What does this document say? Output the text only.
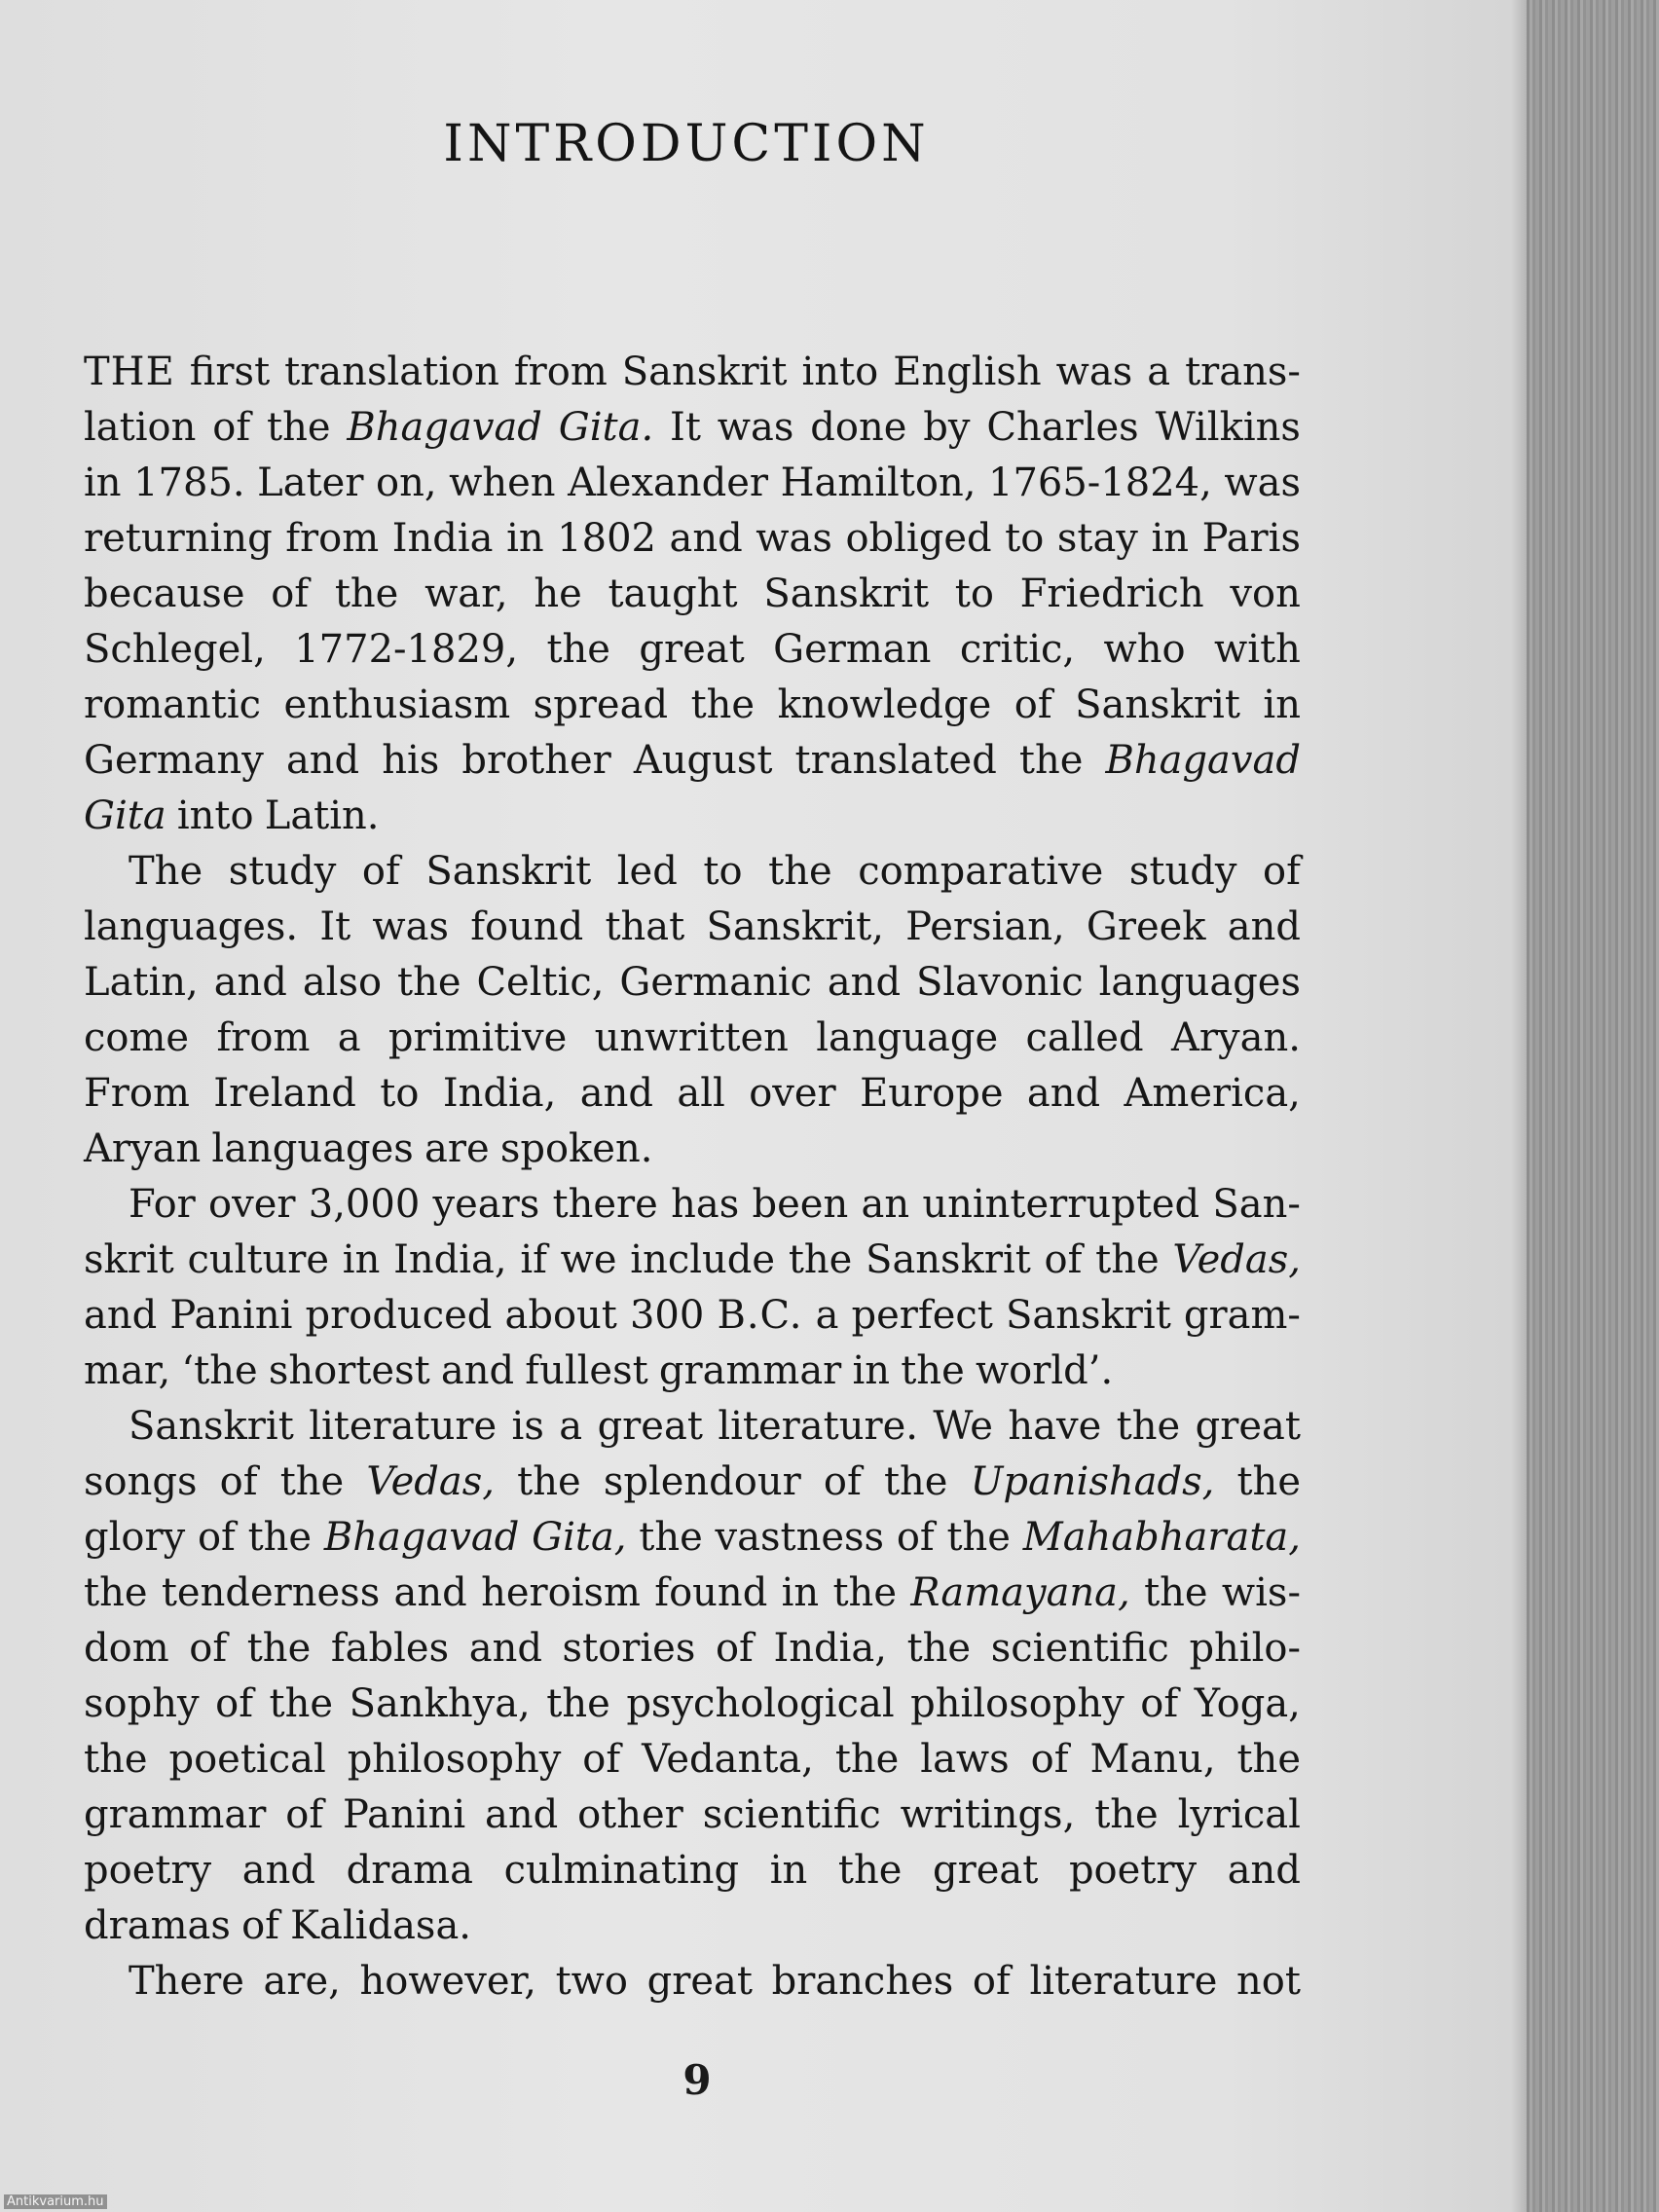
INTRODUCTION
THE first translation from Sanskrit into English was a trans-
lation of the Bhagavad Gita. It was done by Charles Wilkins
in 1785. Later on, when Alexander Hamilton, 1765-1824, was
returning from India in 1802 and was obliged to stay in Paris
because of the war, he taught Sanskrit to Friedrich von
Schlegel, 1772-1829, the great German critic, who with
romantic enthusiasm spread the knowledge of Sanskrit in
Germany and his brother August translated the Bhagavad
Gita into Latin.
The study of Sanskrit led to the comparative study of
languages. It was found that Sanskrit, Persian, Greek and
Latin, and also the Celtic, Germanic and Slavonic languages
come from a primitive unwritten language called Aryan.
From Ireland to India, and all over Europe and America,
Aryan languages are spoken.
For over 3,000 years there has been an uninterrupted San-
skrit culture in India, if we include the Sanskrit of the Vedas,
and Panini produced about 300 B.C. a perfect Sanskrit gram-
mar, ‘the shortest and fullest grammar in the world’.
Sanskrit literature is a great literature. We have the great
songs of the Vedas, the splendour of the Upanishads, the
glory of the Bhagavad Gita, the vastness of the Mahabharata,
the tenderness and heroism found in the Ramayana, the wis-
dom of the fables and stories of India, the scientific philo-
sophy of the Sankhya, the psychological philosophy of Yoga,
the poetical philosophy of Vedanta, the laws of Manu, the
grammar of Panini and other scientific writings, the lyrical
poetry and drama culminating in the great poetry and
dramas of Kalidasa.
There are, however, two great branches of literature not
9
Antikvarium.hu
